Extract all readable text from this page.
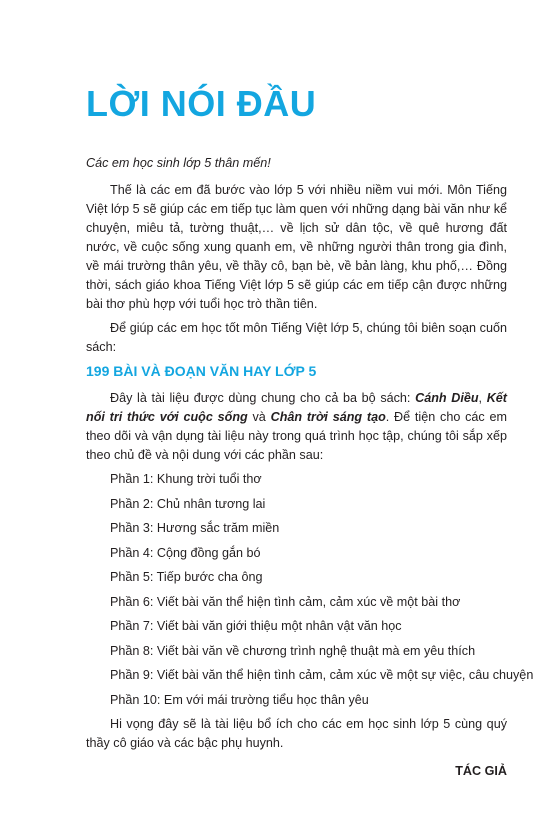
LỜI NÓI ĐẦU

Các em học sinh lớp 5 thân mến!

Thế là các em đã bước vào lớp 5 với nhiều niềm vui mới. Môn Tiếng Việt lớp 5 sẽ giúp các em tiếp tục làm quen với những dạng bài văn như kể chuyện, miêu tả, tường thuật,… về lịch sử dân tộc, về quê hương đất nước, về cuộc sống xung quanh em, về những người thân trong gia đình, về mái trường thân yêu, về thầy cô, bạn bè, về bản làng, khu phố,… Đồng thời, sách giáo khoa Tiếng Việt lớp 5 sẽ giúp các em tiếp cận được những bài thơ phù hợp với tuổi học trò thần tiên.

Để giúp các em học tốt môn Tiếng Việt lớp 5, chúng tôi biên soạn cuốn sách:

199 BÀI VÀ ĐOẠN VĂN HAY LỚP 5

Đây là tài liệu được dùng chung cho cả ba bộ sách: Cánh Diều, Kết nối tri thức với cuộc sống và Chân trời sáng tạo. Để tiện cho các em theo dõi và vận dụng tài liệu này trong quá trình học tập, chúng tôi sắp xếp theo chủ đề và nội dung với các phần sau:

Phần 1: Khung trời tuổi thơ
Phần 2: Chủ nhân tương lai
Phần 3: Hương sắc trăm miền
Phần 4: Cộng đồng gắn bó
Phần 5: Tiếp bước cha ông
Phần 6: Viết bài văn thể hiện tình cảm, cảm xúc về một bài thơ
Phần 7: Viết bài văn giới thiệu một nhân vật văn học
Phần 8: Viết bài văn về chương trình nghệ thuật mà em yêu thích
Phần 9: Viết bài văn thể hiện tình cảm, cảm xúc về một sự việc, câu chuyện
Phần 10: Em với mái trường tiểu học thân yêu

Hi vọng đây sẽ là tài liệu bổ ích cho các em học sinh lớp 5 cùng quý thầy cô giáo và các bậc phụ huynh.

TÁC GIẢ
